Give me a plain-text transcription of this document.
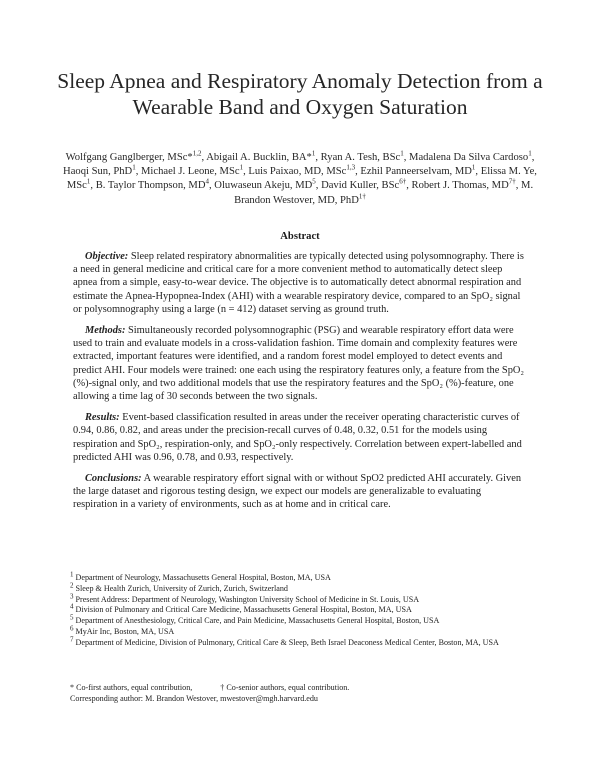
Sleep Apnea and Respiratory Anomaly Detection from a Wearable Band and Oxygen Saturation
Wolfgang Ganglberger, MSc*$^{1,2}$, Abigail A. Bucklin, BA*$^1$, Ryan A. Tesh, BSc$^1$, Madalena Da Silva Cardoso$^1$, Haoqi Sun, PhD$^1$, Michael J. Leone, MSc$^1$, Luis Paixao, MD, MSc$^{1,3}$, Ezhil Panneerselvam, $MD^1$, Elissa M. Ye, MSc$^1$, B. Taylor Thompson, $MD^4$, Oluwaseun Akeju, $MD^5$, David Kuller, BSc$^{6\dagger}$, Robert J. Thomas, $MD^{7\dagger}$, M. Brandon Westover, MD, PhD$^{1\dagger}$
Abstract

Objective: Sleep related respiratory abnormalities are typically detected using polysomnography. There is a need in general medicine and critical care for a more convenient method to automatically detect sleep apnea from a simple, easy-to-wear device. The objective is to automatically detect abnormal respiration and estimate the Apnea-Hypopnea-Index (AHI) with a wearable respiratory device, compared to an SpO₂ signal or polysomnography using a large (n = 412) dataset serving as ground truth.

Methods: Simultaneously recorded polysomnographic (PSG) and wearable respiratory effort data were used to train and evaluate models in a cross-validation fashion. Time domain and complexity features were extracted, important features were identified, and a random forest model employed to detect events and predict AHI. Four models were trained: one each using the respiratory features only, a feature from the SpO₂ (%)-signal only, and two additional models that use the respiratory features and the SpO₂ (%)-feature, one allowing a time lag of 30 seconds between the two signals.

Results: Event-based classification resulted in areas under the receiver operating characteristic curves of 0.94, 0.86, 0.82, and areas under the precision-recall curves of 0.48, 0.32, 0.51 for the models using respiration and SpO₂, respiration-only, and SpO₂-only respectively. Correlation between expert-labelled and predicted AHI was 0.96, 0.78, and 0.93, respectively.

Conclusions: A wearable respiratory effort signal with or without SpO2 predicted AHI accurately. Given the large dataset and rigorous testing design, we expect our models are generalizable to evaluating respiration in a variety of environments, such as at home and in critical care.

$^1$ Department of Neurology, Massachusetts General Hospital, Boston, MA, USA
$^2$ Sleep & Health Zurich, University of Zurich, Zurich, Switzerland
$^3$ Present Address: Department of Neurology, Washington University School of Medicine in St. Louis, USA
$^4$ Division of Pulmonary and Critical Care Medicine, Massachusetts General Hospital, Boston, MA, USA
$^5$ Department of Anesthesiology, Critical Care, and Pain Medicine, Massachusetts General Hospital, Boston, USA
$^6$ MyAir Inc, Boston, MA, USA
$^7$ Department of Medicine, Division of Pulmonary, Critical Care & Sleep, Beth Israel Deaconess Medical Center, Boston, MA, USA
* Co-first authors, equal contribution,	† Co-senior authors, equal contribution.
Corresponding author: M. Brandon Westover, mwestover@mgh.harvard.edu
